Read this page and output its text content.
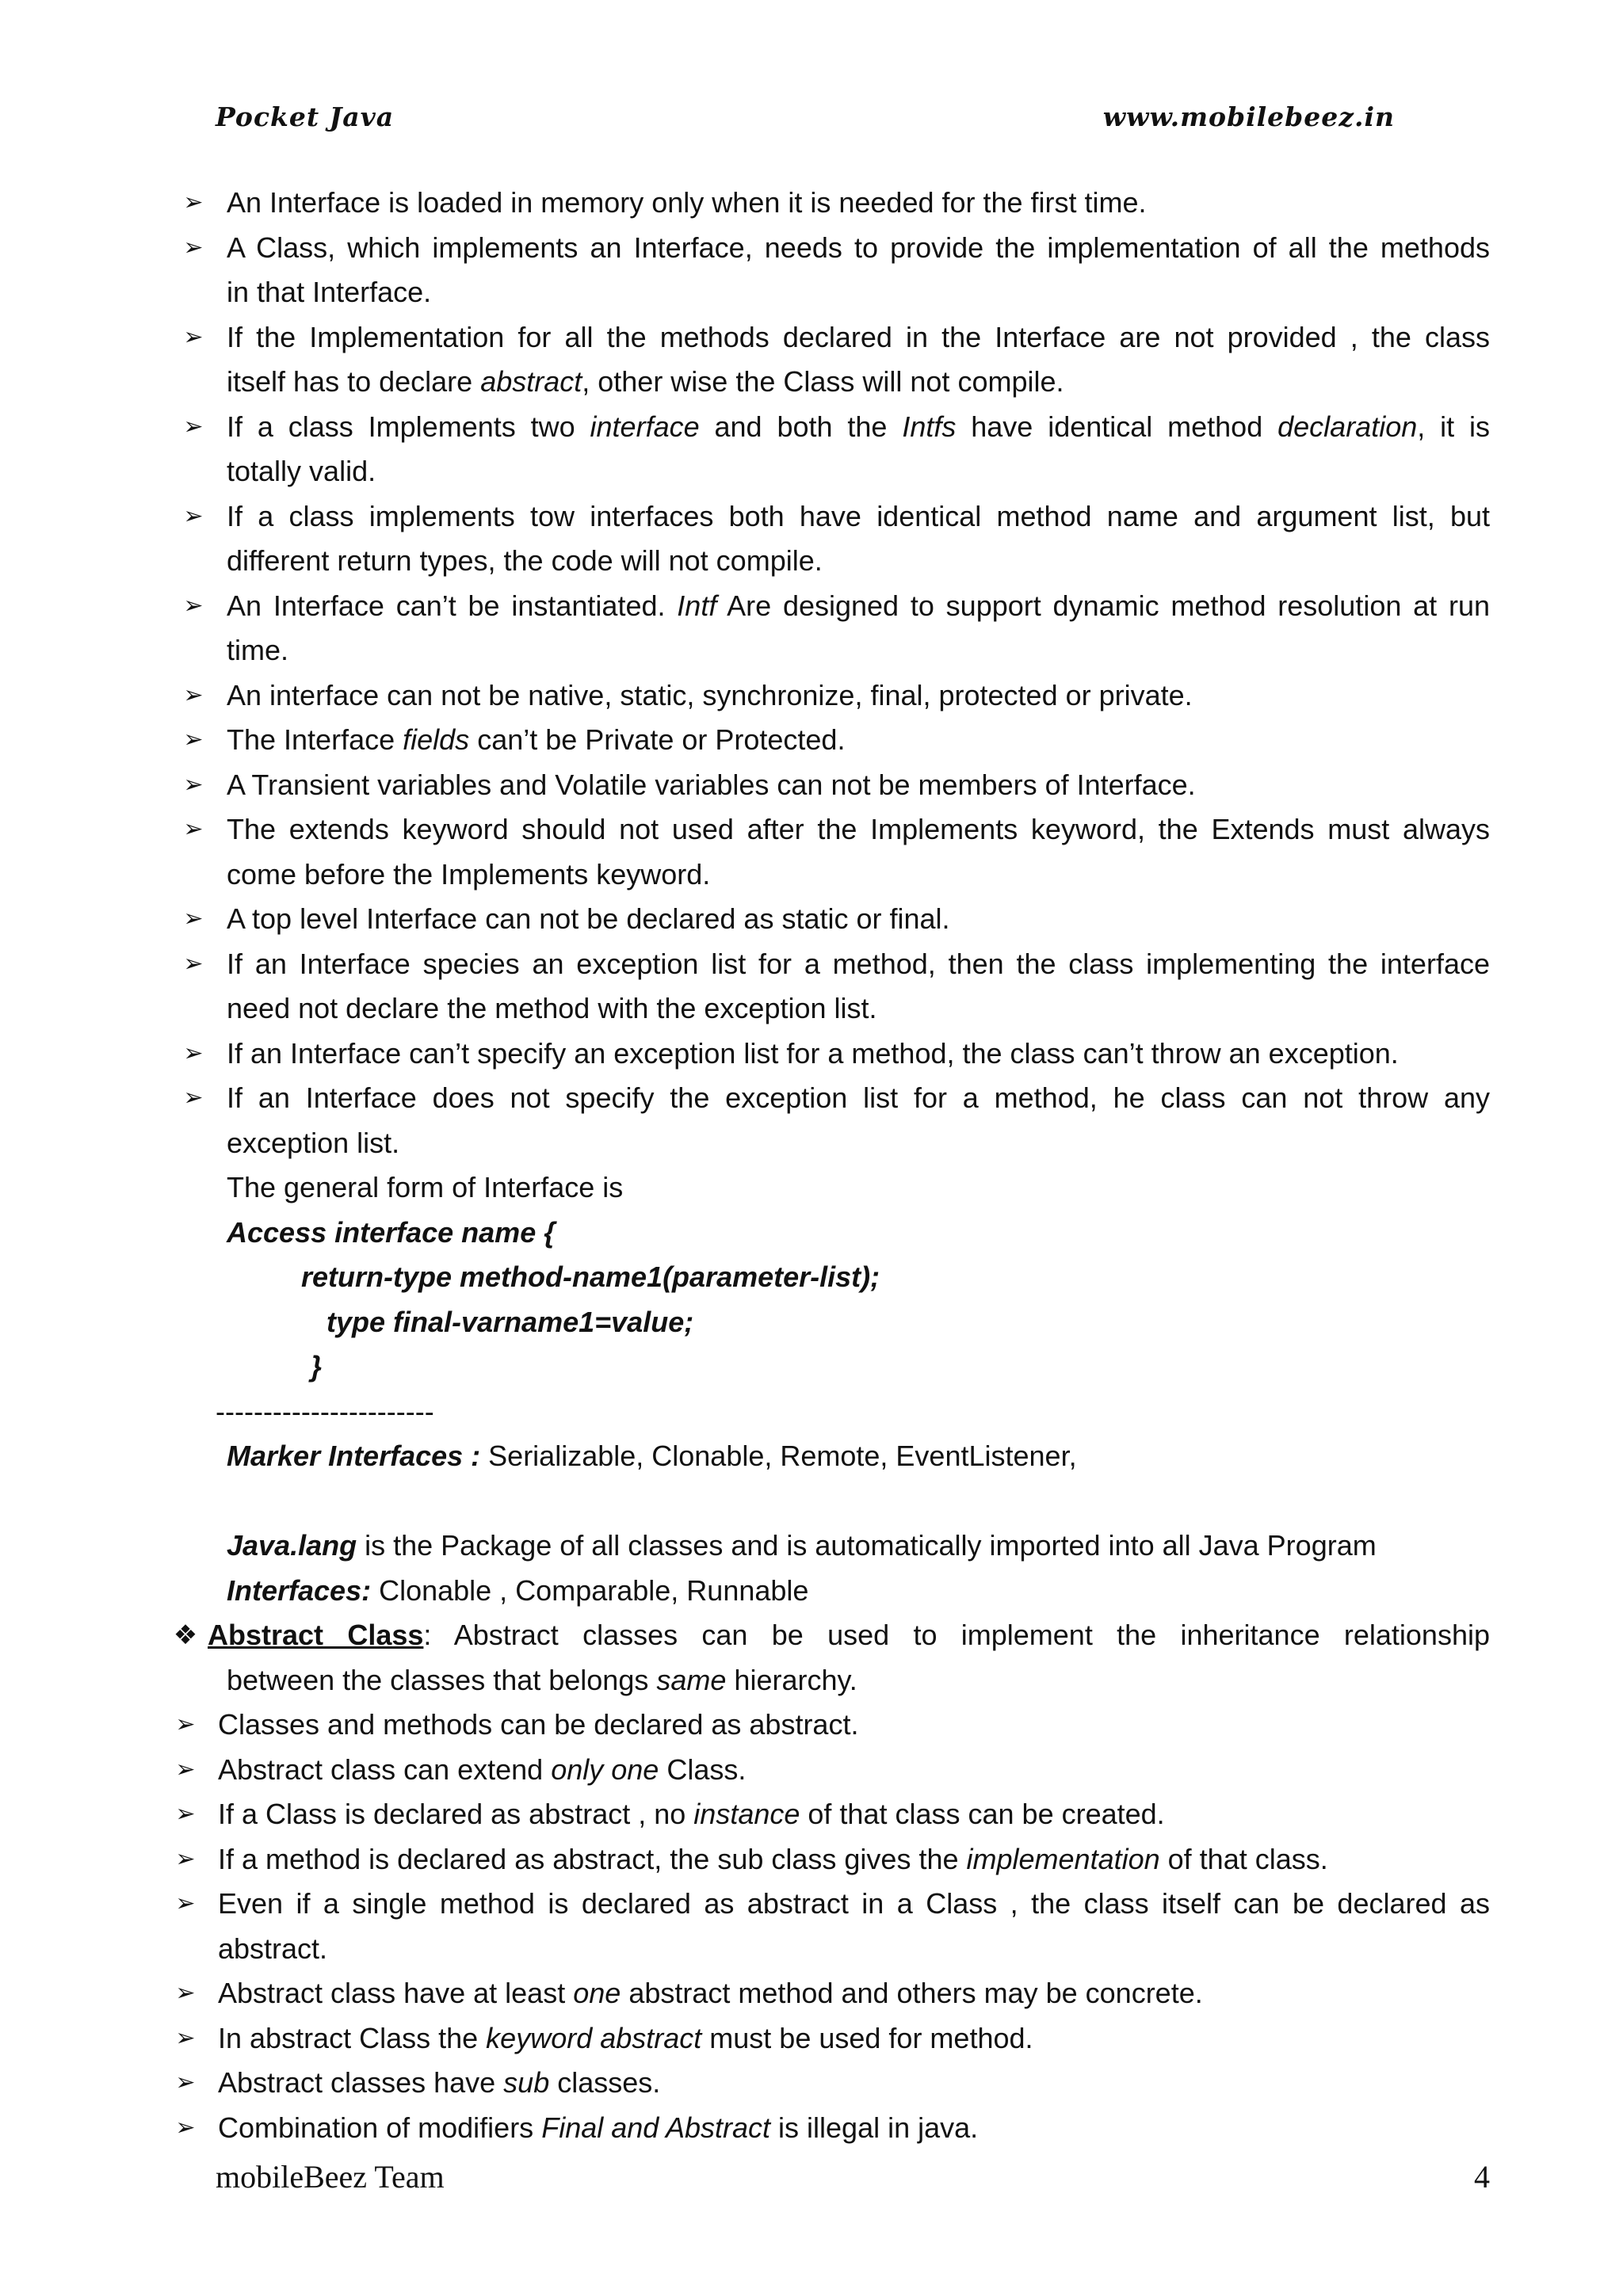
Pocket Java	www.mobilebeez.in
➢ An Interface is loaded in memory only when it is needed for the first time.
➢ A Class, which implements an Interface, needs to provide the implementation of all the methods
in that Interface.
➢ If the Implementation for all the methods declared in the Interface are not provided , the class
itself has to declare abstract, other wise the Class will not compile.
➢ If a class Implements two interface and both the Intfs have identical method declaration, it is
totally valid.
➢ If a class implements tow interfaces both have identical method name and argument list, but
different return types, the code will not compile.
➢ An Interface can’t be instantiated. Intf Are designed to support dynamic method resolution at run
time.
➢ An interface can not be native, static, synchronize, final, protected or private.
➢ The Interface fields can’t be Private or Protected.
➢ A Transient variables and Volatile variables can not be members of Interface.
➢ The extends keyword should not used after the Implements keyword, the Extends must always
come before the Implements keyword.
➢ A top level Interface can not be declared as static or final.
➢ If an Interface species an exception list for a method, then the class implementing the interface
need not declare the method with the exception list.
➢ If an Interface can’t specify an exception list for a method, the class can’t throw an exception.
➢ If an Interface does not specify the exception list for a method, he class can not throw any
exception list.
The general form of Interface is
Access interface name {
return-type method-name1(parameter-list);
type final-varname1=value;
}
-----------------------
Marker Interfaces : Serializable, Clonable, Remote, EventListener,
Java.lang is the Package of all classes and is automatically imported into all Java Program
Interfaces: Clonable , Comparable, Runnable
❖ Abstract Class: Abstract classes can be used to implement the inheritance relationship
between the classes that belongs same hierarchy.
➢ Classes and methods can be declared as abstract.
➢ Abstract class can extend only one Class.
➢ If a Class is declared as abstract , no instance of that class can be created.
➢ If a method is declared as abstract, the sub class gives the implementation of that class.
➢ Even if a single method is declared as abstract in a Class , the class itself can be declared as
abstract.
➢ Abstract class have at least one abstract method and others may be concrete.
➢ In abstract Class the keyword abstract must be used for method.
➢ Abstract classes have sub classes.
➢ Combination of modifiers Final and Abstract is illegal in java.
mobileBeez Team	4
